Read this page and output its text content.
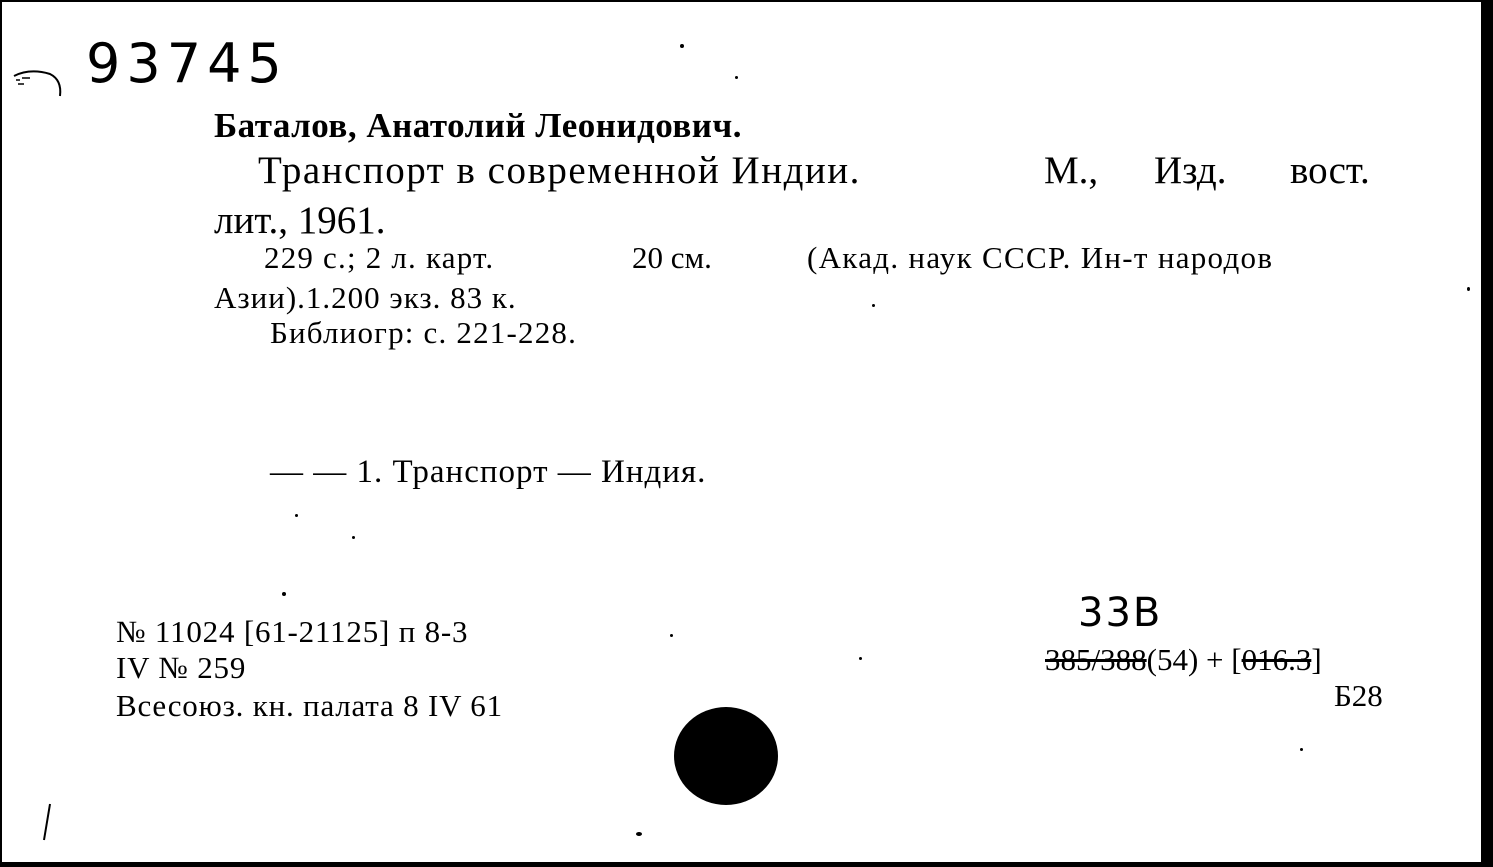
93745
Баталов, Анатолий Леонидович.
Транспорт в современной Индии.	М., Изд. вост.
лит., 1961.
229 с.; 2 л. карт.	20 см.	(Акад. наук СССР. Ин-т народов
Азии).1.200 экз. 83 к.
Библиогр: с. 221-228.
— — 1. Транспорт — Индия.
№ 11024 [61-21125] п 8-3
IV № 259
Всесоюз. кн. палата 8 IV 61
33В
385/388(54) + [016.3]
Б28
